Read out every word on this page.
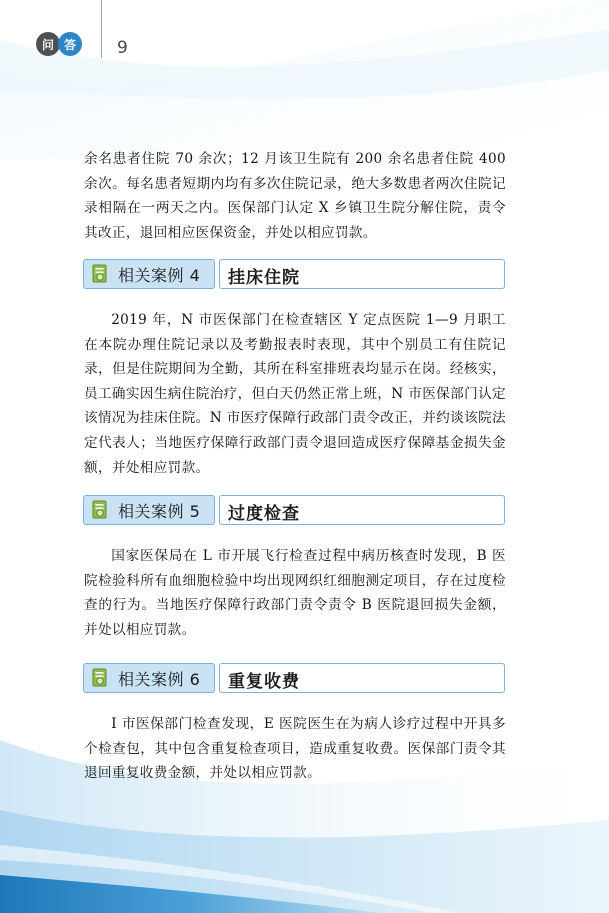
问 答	9

余名患者住院 70 余次；12 月该卫生院有 200 余名患者住院 400 余次。每名患者短期内均有多次住院记录，绝大多数患者两次住院记录相隔在一两天之内。医保部门认定 X 乡镇卫生院分解住院，责令其改正，退回相应医保资金，并处以相应罚款。

相关案例 4 挂床住院

2019 年，N 市医保部门在检查辖区 Y 定点医院 1—9 月职工在本院办理住院记录以及考勤报表时表现，其中个别员工有住院记录，但是住院期间为全勤，其所在科室排班表均显示在岗。经核实，员工确实因生病住院治疗，但白天仍然正常上班，N 市医保部门认定该情况为挂床住院。N 市医疗保障行政部门责令改正，并约谈该院法定代表人；当地医疗保障行政部门责令退回造成医疗保障基金损失金额，并处相应罚款。

相关案例 5 过度检查

国家医保局在 L 市开展飞行检查过程中病历核查时发现，B 医院检验科所有血细胞检验中均出现网织红细胞测定项目，存在过度检查的行为。当地医疗保障行政部门责令责令 B 医院退回损失金额，并处以相应罚款。

相关案例 6 重复收费

I 市医保部门检查发现，E 医院医生在为病人诊疗过程中开具多个检查包，其中包含重复检查项目，造成重复收费。医保部门责令其退回重复收费金额，并处以相应罚款。
